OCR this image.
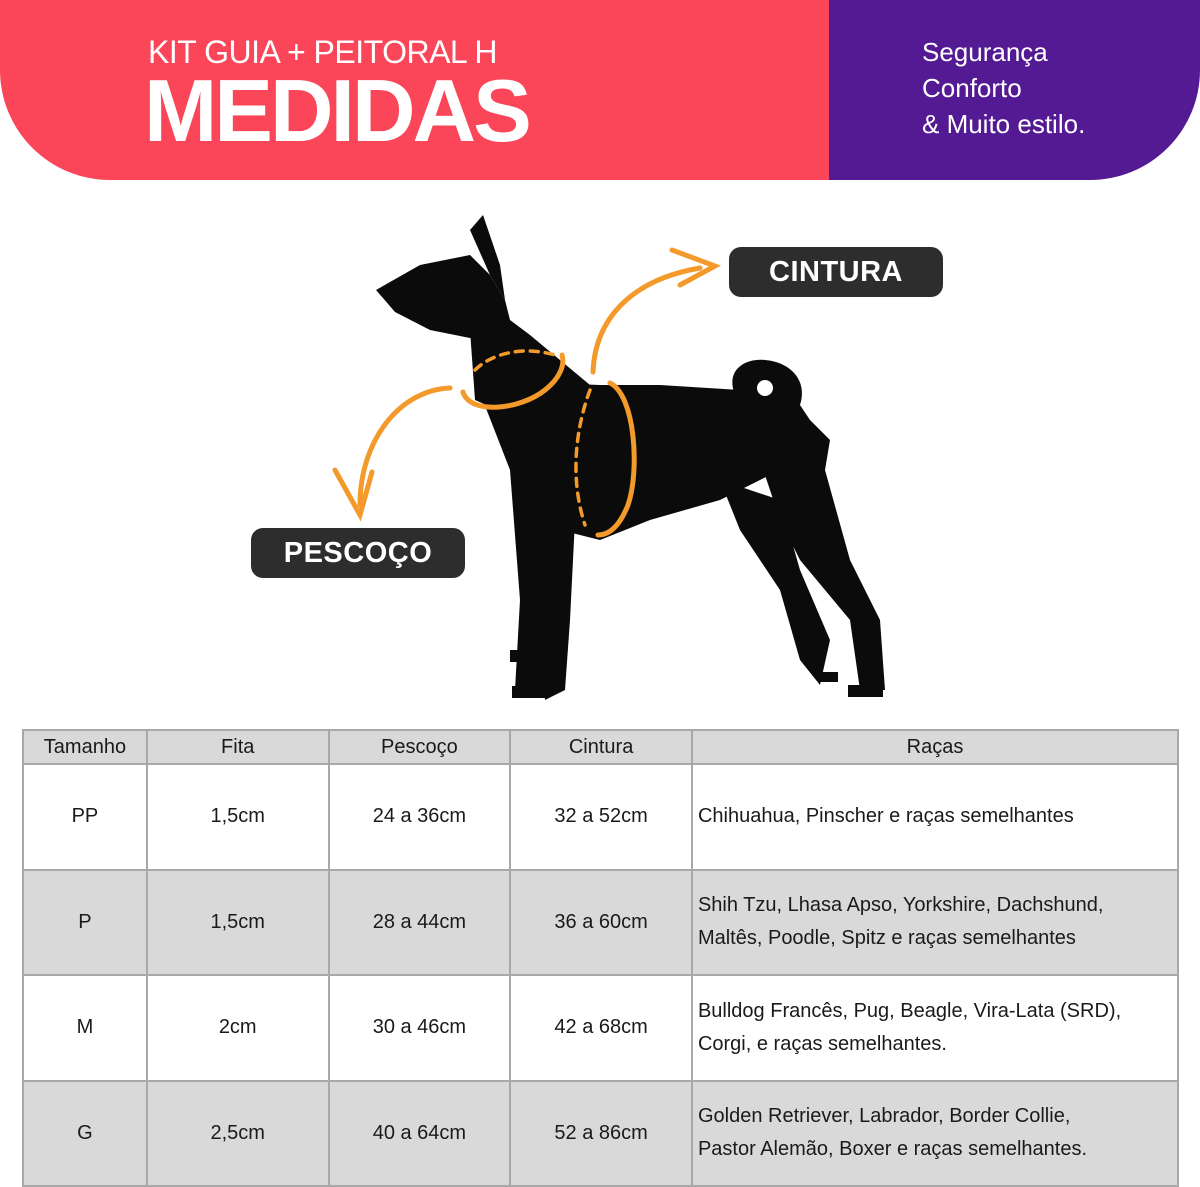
KIT GUIA + PEITORAL H
MEDIDAS
Segurança
Conforto
& Muito estilo.
CINTURA
PESCOÇO
Tamanho	Fita	Pescoço	Cintura	Raças
PP	1,5cm	24 a 36cm	32 a 52cm	Chihuahua, Pinscher e raças semelhantes

P	1,5cm	28 a 44cm	36 a 60cm	Shih Tzu, Lhasa Apso, Yorkshire, Dachshund,
Maltês, Poodle, Spitz e raças semelhantes

M	2cm	30 a 46cm	42 a 68cm	Bulldog Francês, Pug, Beagle, Vira-Lata (SRD),
Corgi, e raças semelhantes.

G	2,5cm	40 a 64cm	52 a 86cm	Golden Retriever, Labrador, Border Collie,
Pastor Alemão, Boxer e raças semelhantes.
